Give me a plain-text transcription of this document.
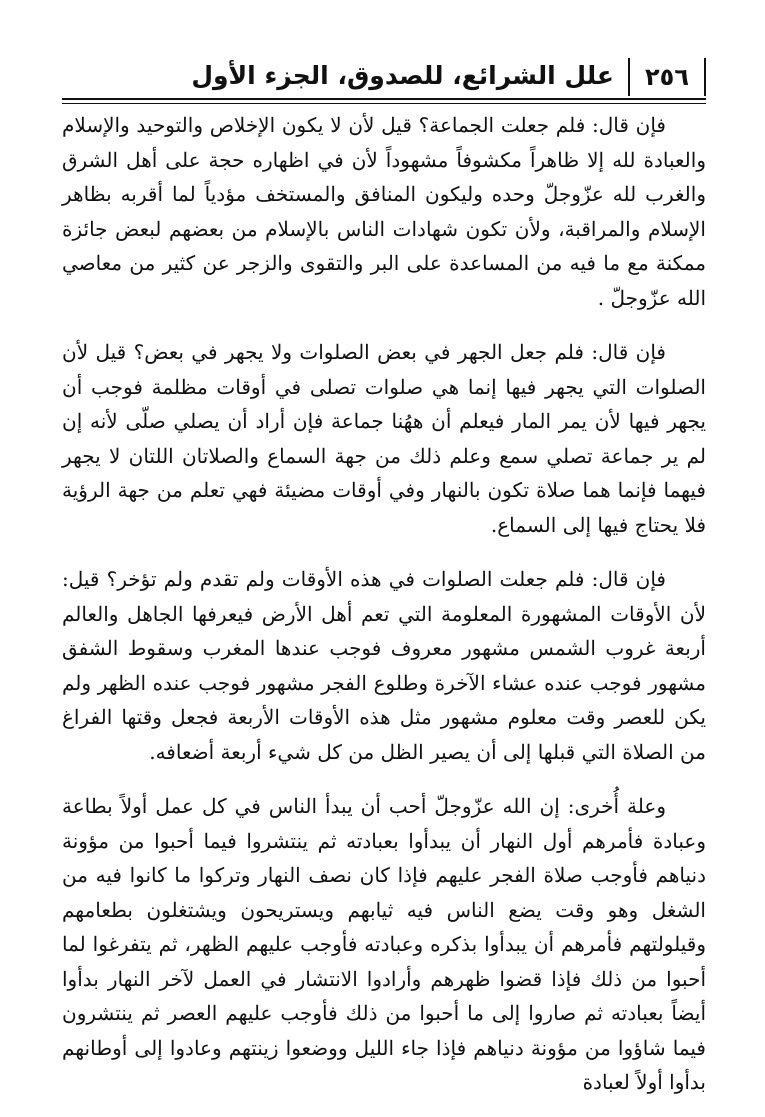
٢٥٦
علل الشرائع، للصدوق، الجزء الأول

فإن قال: فلم جعلت الجماعة؟ قيل لأن لا يكون الإخلاص والتوحيد والإسلام والعبادة لله إلا ظاهراً مكشوفاً مشهوداً لأن في اظهاره حجة على أهل الشرق والغرب لله عزّوجلّ وحده وليكون المنافق والمستخف مؤدياً لما أقربه بظاهر الإسلام والمراقبة، ولأن تكون شهادات الناس بالإسلام من بعضهم لبعض جائزة ممكنة مع ما فيه من المساعدة على البر والتقوى والزجر عن كثير من معاصي الله عزّوجلّ .

فإن قال: فلم جعل الجهر في بعض الصلوات ولا يجهر في بعض؟ قيل لأن الصلوات التي يجهر فيها إنما هي صلوات تصلى في أوقات مظلمة فوجب أن يجهر فيها لأن يمر المار فيعلم أن ههُنا جماعة فإن أراد أن يصلي صلّى لأنه إن لم ير جماعة تصلي سمع وعلم ذلك من جهة السماع والصلاتان اللتان لا يجهر فيهما فإنما هما صلاة تكون بالنهار وفي أوقات مضيئة فهي تعلم من جهة الرؤية فلا يحتاج فيها إلى السماع.

فإن قال: فلم جعلت الصلوات في هذه الأوقات ولم تقدم ولم تؤخر؟ قيل: لأن الأوقات المشهورة المعلومة التي تعم أهل الأرض فيعرفها الجاهل والعالم أربعة غروب الشمس مشهور معروف فوجب عندها المغرب وسقوط الشفق مشهور فوجب عنده عشاء الآخرة وطلوع الفجر مشهور فوجب عنده الظهر ولم يكن للعصر وقت معلوم مشهور مثل هذه الأوقات الأربعة فجعل وقتها الفراغ من الصلاة التي قبلها إلى أن يصير الظل من كل شيء أربعة أضعافه.

وعلة أُخرى: إن الله عزّوجلّ أحب أن يبدأ الناس في كل عمل أولاً بطاعة وعبادة فأمرهم أول النهار أن يبدأوا بعبادته ثم ينتشروا فيما أحبوا من مؤونة دنياهم فأوجب صلاة الفجر عليهم فإذا كان نصف النهار وتركوا ما كانوا فيه من الشغل وهو وقت يضع الناس فيه ثيابهم ويستريحون ويشتغلون بطعامهم وقيلولتهم فأمرهم أن يبدأوا بذكره وعبادته فأوجب عليهم الظهر، ثم يتفرغوا لما أحبوا من ذلك فإذا قضوا ظهرهم وأرادوا الانتشار في العمل لآخر النهار بدأوا أيضاً بعبادته ثم صاروا إلى ما أحبوا من ذلك فأوجب عليهم العصر ثم ينتشرون فيما شاؤوا من مؤونة دنياهم فإذا جاء الليل ووضعوا زينتهم وعادوا إلى أوطانهم بدأوا أولاً لعبادة
